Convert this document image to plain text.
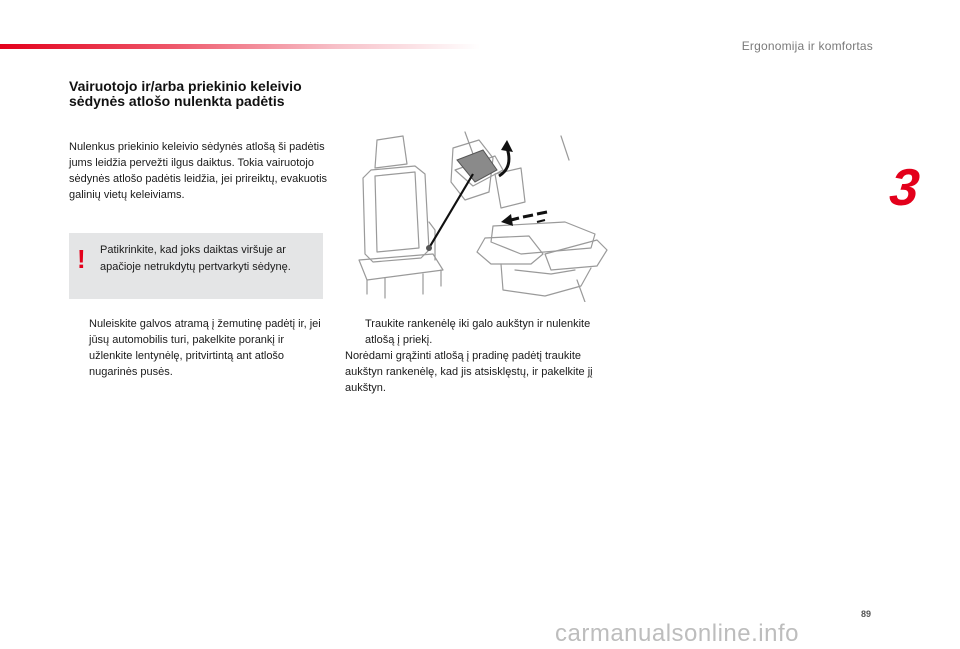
Ergonomija ir komfortas
3
Vairuotojo ir/arba priekinio keleivio sėdynės atlošo nulenkta padėtis
Nulenkus priekinio keleivio sėdynės atlošą ši padėtis jums leidžia pervežti ilgus daiktus. Tokia vairuotojo sėdynės atlošo padėtis leidžia, jei prireiktų, evakuotis galinių vietų keleiviams.
! Patikrinkite, kad joks daiktas viršuje ar apačioje netrukdytų pertvarkyti sėdynę.
Nuleiskite galvos atramą į žemutinę padėtį ir, jei jūsų automobilis turi, pakelkite porankį ir užlenkite lentynėlę, pritvirtintą ant atlošo nugarinės pusės.
Traukite rankenėlę iki galo aukštyn ir nulenkite atlošą į priekį.
Norėdami grąžinti atlošą į pradinę padėtį traukite aukštyn rankenėlę, kad jis atsisklęstų, ir pakelkite jį aukštyn.
89
carmanualsonline.info
